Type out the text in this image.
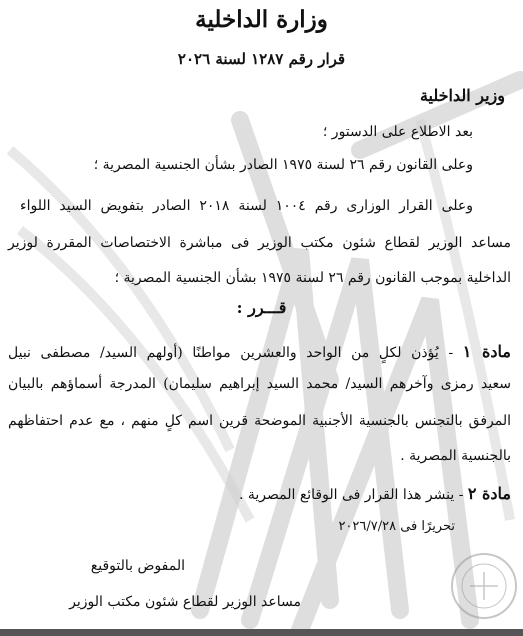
وزارة الداخلية
قرار رقم ١٢٨٧ لسنة ٢٠٢٦
وزير الداخلية
بعد الاطلاع على الدستور ؛
وعلى القانون رقم ٢٦ لسنة ١٩٧٥ الصادر بشأن الجنسية المصرية ؛
وعلى القرار الوزارى رقم ١٠٠٤ لسنة ٢٠١٨ الصادر بتفويض السيد اللواء
مساعد الوزير لقطاع شئون مكتب الوزير فى مباشرة الاختصاصات المقررة لوزير
الداخلية بموجب القانون رقم ٢٦ لسنة ١٩٧٥ بشأن الجنسية المصرية ؛
قـــرر :
مادة ١ - يُؤذن لكلٍ من الواحد والعشرين مواطنًا (أولهم السيد/ مصطفى نبيل
سعيد رمزى وآخرهم السيد/ محمد السيد إبراهيم سليمان) المدرجة أسماؤهم بالبيان
المرفق بالتجنس بالجنسية الأجنبية الموضحة قرين اسم كلٍ منهم ، مع عدم احتفاظهم
بالجنسية المصرية .
مادة ٢ - ينشر هذا القرار فى الوقائع المصرية .
تحريرًا فى ٢٠٢٦/٧/٢٨
المفوض بالتوقيع
مساعد الوزير لقطاع شئون مكتب الوزير
